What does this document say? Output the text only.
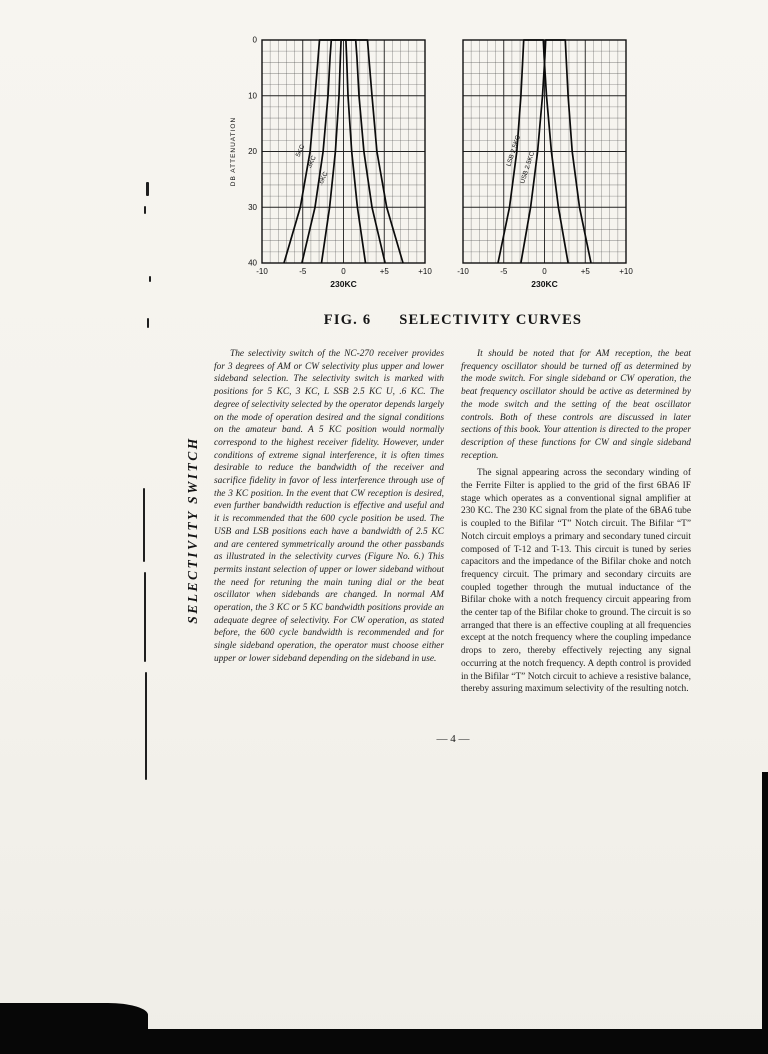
5KC
3KC
.6KC
-10	-5	0	+5	+10
0
10
20
30
40
230KC
DB ATTENUATION	LSB 2.5KC
USB 2.5KC
-10	-5	0	+5	+10
230KC
FIG. 6 SELECTIVITY CURVES

The selectivity switch of the NC-270 receiver provides for 3 degrees of AM or CW selectivity plus upper and lower sideband selection. The selectivity switch is marked with positions for 5 KC, 3 KC, L SSB 2.5 KC U, .6 KC. The degree of selectivity selected by the operator depends largely on the mode of operation desired and the signal conditions on the amateur band. A 5 KC position would normally correspond to the highest receiver fidelity. However, under conditions of extreme signal interference, it is often times desirable to reduce the bandwidth of the receiver and sacrifice fidelity in favor of less interference through use of the 3 KC position. In the event that CW reception is desired, even further bandwidth reduction is effective and useful and it is recommended that the 600 cycle position be used. The USB and LSB positions each have a bandwidth of 2.5 KC and are centered symmetrically around the other passbands as illustrated in the selectivity curves (Figure No. 6.) This permits instant selection of upper or lower sideband without the need for retuning the main tuning dial or the beat oscillator when sidebands are changed. In normal AM operation, the 3 KC or 5 KC bandwidth positions provide an adequate degree of selectivity. For CW operation, as stated before, the 600 cycle bandwidth is recommended and for single sideband operation, the operator must choose either upper or lower sideband depending on the sideband in use.

It should be noted that for AM reception, the beat frequency oscillator should be turned off as determined by the mode switch. For single sideband or CW operation, the beat frequency oscillator should be active as determined by the mode switch and the setting of the beat oscillator controls. Both of these controls are discussed in later sections of this book. Your attention is directed to the proper description of these functions for CW and single sideband reception.

The signal appearing across the secondary winding of the Ferrite Filter is applied to the grid of the first 6BA6 IF stage which operates as a conventional signal amplifier at 230 KC. The 230 KC signal from the plate of the 6BA6 tube is coupled to the Bifilar “T” Notch circuit. The Bifilar “T” Notch circuit employs a primary and secondary tuned circuit composed of T-12 and T-13. This circuit is tuned by series capacitors and the impedance of the Bifilar choke and notch frequency circuit. The primary and secondary circuits are coupled together through the mutual inductance of the Bifilar choke with a notch frequency circuit appearing from the center tap of the Bifilar choke to ground. The circuit is so arranged that there is an effective coupling at all frequencies except at the notch frequency where the coupling impedance drops to zero, thereby effectively rejecting any signal occurring at the notch frequency. A depth control is provided in the Bifilar “T” Notch circuit to achieve a resistive balance, thereby assuring maximum selectivity of the resulting notch.

SELECTIVITY SWITCH
— 4 —
